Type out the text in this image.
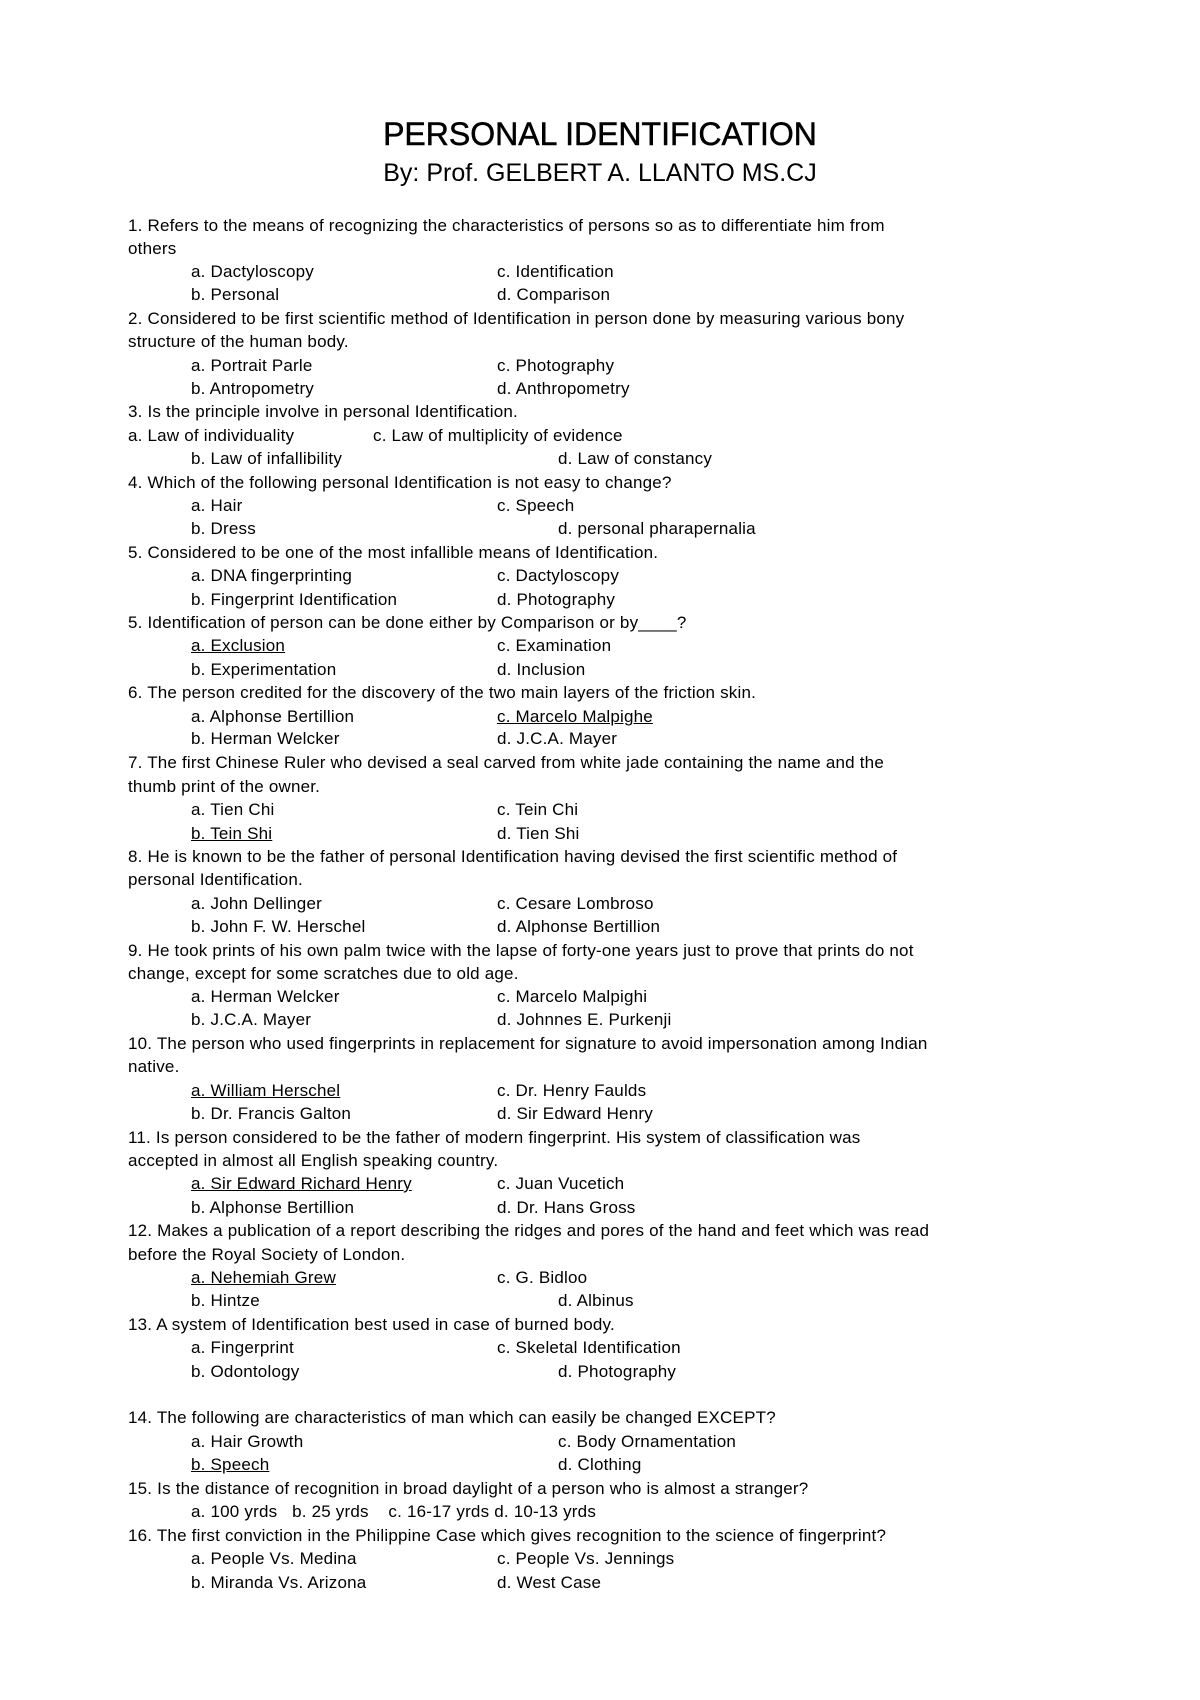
PERSONAL IDENTIFICATION
By: Prof. GELBERT A. LLANTO MS.CJ
1. Refers to the means of recognizing the characteristics of persons so as to differentiate him from
others
a. Dactyloscopy	c. Identification
b. Personal	d. Comparison
2. Considered to be first scientific method of Identification in person done by measuring various bony
structure of the human body.
a. Portrait Parle	c. Photography
b. Antropometry	d. Anthropometry
3. Is the principle involve in personal Identification.
a. Law of individuality	c. Law of multiplicity of evidence
b. Law of infallibility	d. Law of constancy
4. Which of the following personal Identification is not easy to change?
a. Hair	c. Speech
b. Dress	d. personal pharapernalia
5. Considered to be one of the most infallible means of Identification.
a. DNA fingerprinting	c. Dactyloscopy
b. Fingerprint Identification	d. Photography
5. Identification of person can be done either by Comparison or by____?
a. Exclusion	c. Examination
b. Experimentation	d. Inclusion
6. The person credited for the discovery of the two main layers of the friction skin.
a. Alphonse Bertillion	c. Marcelo Malpighe
b. Herman Welcker	d. J.C.A. Mayer
7. The first Chinese Ruler who devised a seal carved from white jade containing the name and the
thumb print of the owner.
a. Tien Chi	c. Tein Chi
b. Tein Shi	d. Tien Shi
8. He is known to be the father of personal Identification having devised the first scientific method of
personal Identification.
a. John Dellinger	c. Cesare Lombroso
b. John F. W. Herschel	d. Alphonse Bertillion
9. He took prints of his own palm twice with the lapse of forty-one years just to prove that prints do not
change, except for some scratches due to old age.
a. Herman Welcker	c. Marcelo Malpighi
b. J.C.A. Mayer	d. Johnnes E. Purkenji
10. The person who used fingerprints in replacement for signature to avoid impersonation among Indian
native.
a. William Herschel	c. Dr. Henry Faulds
b. Dr. Francis Galton	d. Sir Edward Henry
11. Is person considered to be the father of modern fingerprint. His system of classification was
accepted in almost all English speaking country.
a. Sir Edward Richard Henry	c. Juan Vucetich
b. Alphonse Bertillion	d. Dr. Hans Gross
12. Makes a publication of a report describing the ridges and pores of the hand and feet which was read
before the Royal Society of London.
a. Nehemiah Grew	c. G. Bidloo
b. Hintze	d. Albinus
13. A system of Identification best used in case of burned body.
a. Fingerprint	c. Skeletal Identification
b. Odontology	d. Photography
14. The following are characteristics of man which can easily be changed EXCEPT?
a. Hair Growth	c. Body Ornamentation
b. Speech	d. Clothing
15. Is the distance of recognition in broad daylight of a person who is almost a stranger?
a. 100 yrds   b. 25 yrds    c. 16-17 yrds d. 10-13 yrds
16. The first conviction in the Philippine Case which gives recognition to the science of fingerprint?
a. People Vs. Medina	c. People Vs. Jennings
b. Miranda Vs. Arizona	d. West Case
